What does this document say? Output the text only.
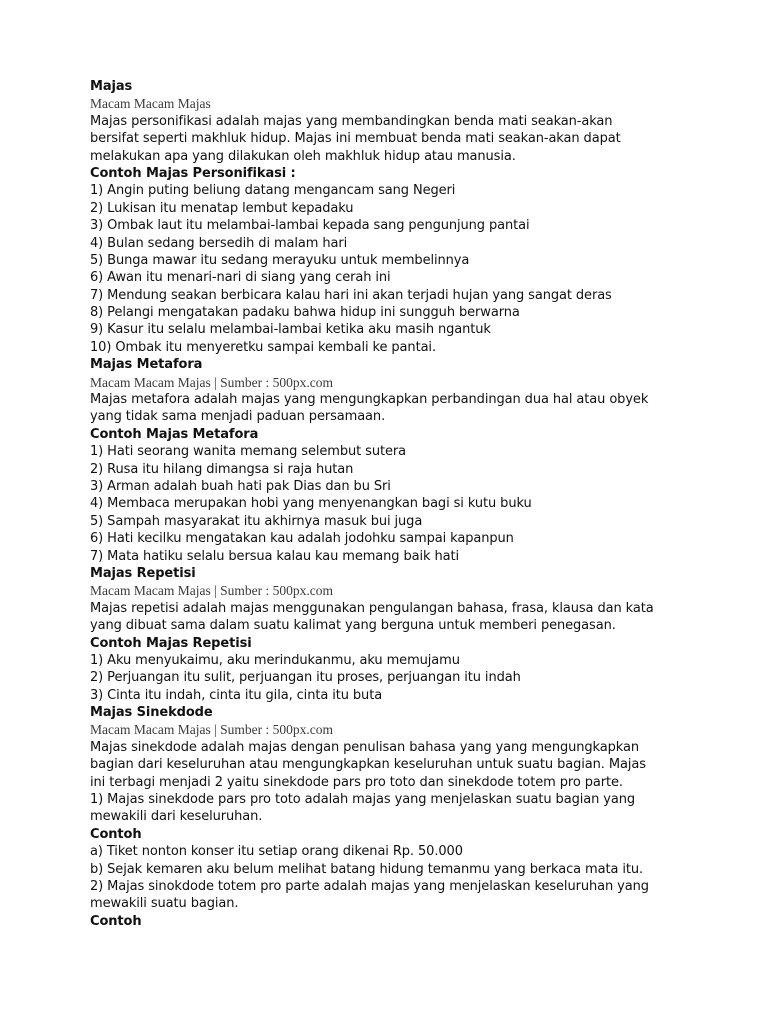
Majas
Macam Macam Majas
Majas personifikasi adalah majas yang membandingkan benda mati seakan-akan
bersifat seperti makhluk hidup. Majas ini membuat benda mati seakan-akan dapat
melakukan apa yang dilakukan oleh makhluk hidup atau manusia.
Contoh Majas Personifikasi :
1) Angin puting beliung datang mengancam sang Negeri
2) Lukisan itu menatap lembut kepadaku
3) Ombak laut itu melambai-lambai kepada sang pengunjung pantai
4) Bulan sedang bersedih di malam hari
5) Bunga mawar itu sedang merayuku untuk membelinnya
6) Awan itu menari-nari di siang yang cerah ini
7) Mendung seakan berbicara kalau hari ini akan terjadi hujan yang sangat deras
8) Pelangi mengatakan padaku bahwa hidup ini sungguh berwarna
9) Kasur itu selalu melambai-lambai ketika aku masih ngantuk
10) Ombak itu menyeretku sampai kembali ke pantai.
Majas Metafora
Macam Macam Majas | Sumber : 500px.com
Majas metafora adalah majas yang mengungkapkan perbandingan dua hal atau obyek
yang tidak sama menjadi paduan persamaan.
Contoh Majas Metafora
1) Hati seorang wanita memang selembut sutera
2) Rusa itu hilang dimangsa si raja hutan
3) Arman adalah buah hati pak Dias dan bu Sri
4) Membaca merupakan hobi yang menyenangkan bagi si kutu buku
5) Sampah masyarakat itu akhirnya masuk bui juga
6) Hati kecilku mengatakan kau adalah jodohku sampai kapanpun
7) Mata hatiku selalu bersua kalau kau memang baik hati
Majas Repetisi
Macam Macam Majas | Sumber : 500px.com
Majas repetisi adalah majas menggunakan pengulangan bahasa, frasa, klausa dan kata
yang dibuat sama dalam suatu kalimat yang berguna untuk memberi penegasan.
Contoh Majas Repetisi
1) Aku menyukaimu, aku merindukanmu, aku memujamu
2) Perjuangan itu sulit, perjuangan itu proses, perjuangan itu indah
3) Cinta itu indah, cinta itu gila, cinta itu buta
Majas Sinekdode
Macam Macam Majas | Sumber : 500px.com
Majas sinekdode adalah majas dengan penulisan bahasa yang yang mengungkapkan
bagian dari keseluruhan atau mengungkapkan keseluruhan untuk suatu bagian. Majas
ini terbagi menjadi 2 yaitu sinekdode pars pro toto dan sinekdode totem pro parte.
1) Majas sinekdode pars pro toto adalah majas yang menjelaskan suatu bagian yang
mewakili dari keseluruhan.
Contoh
a) Tiket nonton konser itu setiap orang dikenai Rp. 50.000
b) Sejak kemaren aku belum melihat batang hidung temanmu yang berkaca mata itu.
2) Majas sinokdode totem pro parte adalah majas yang menjelaskan keseluruhan yang
mewakili suatu bagian.
Contoh
